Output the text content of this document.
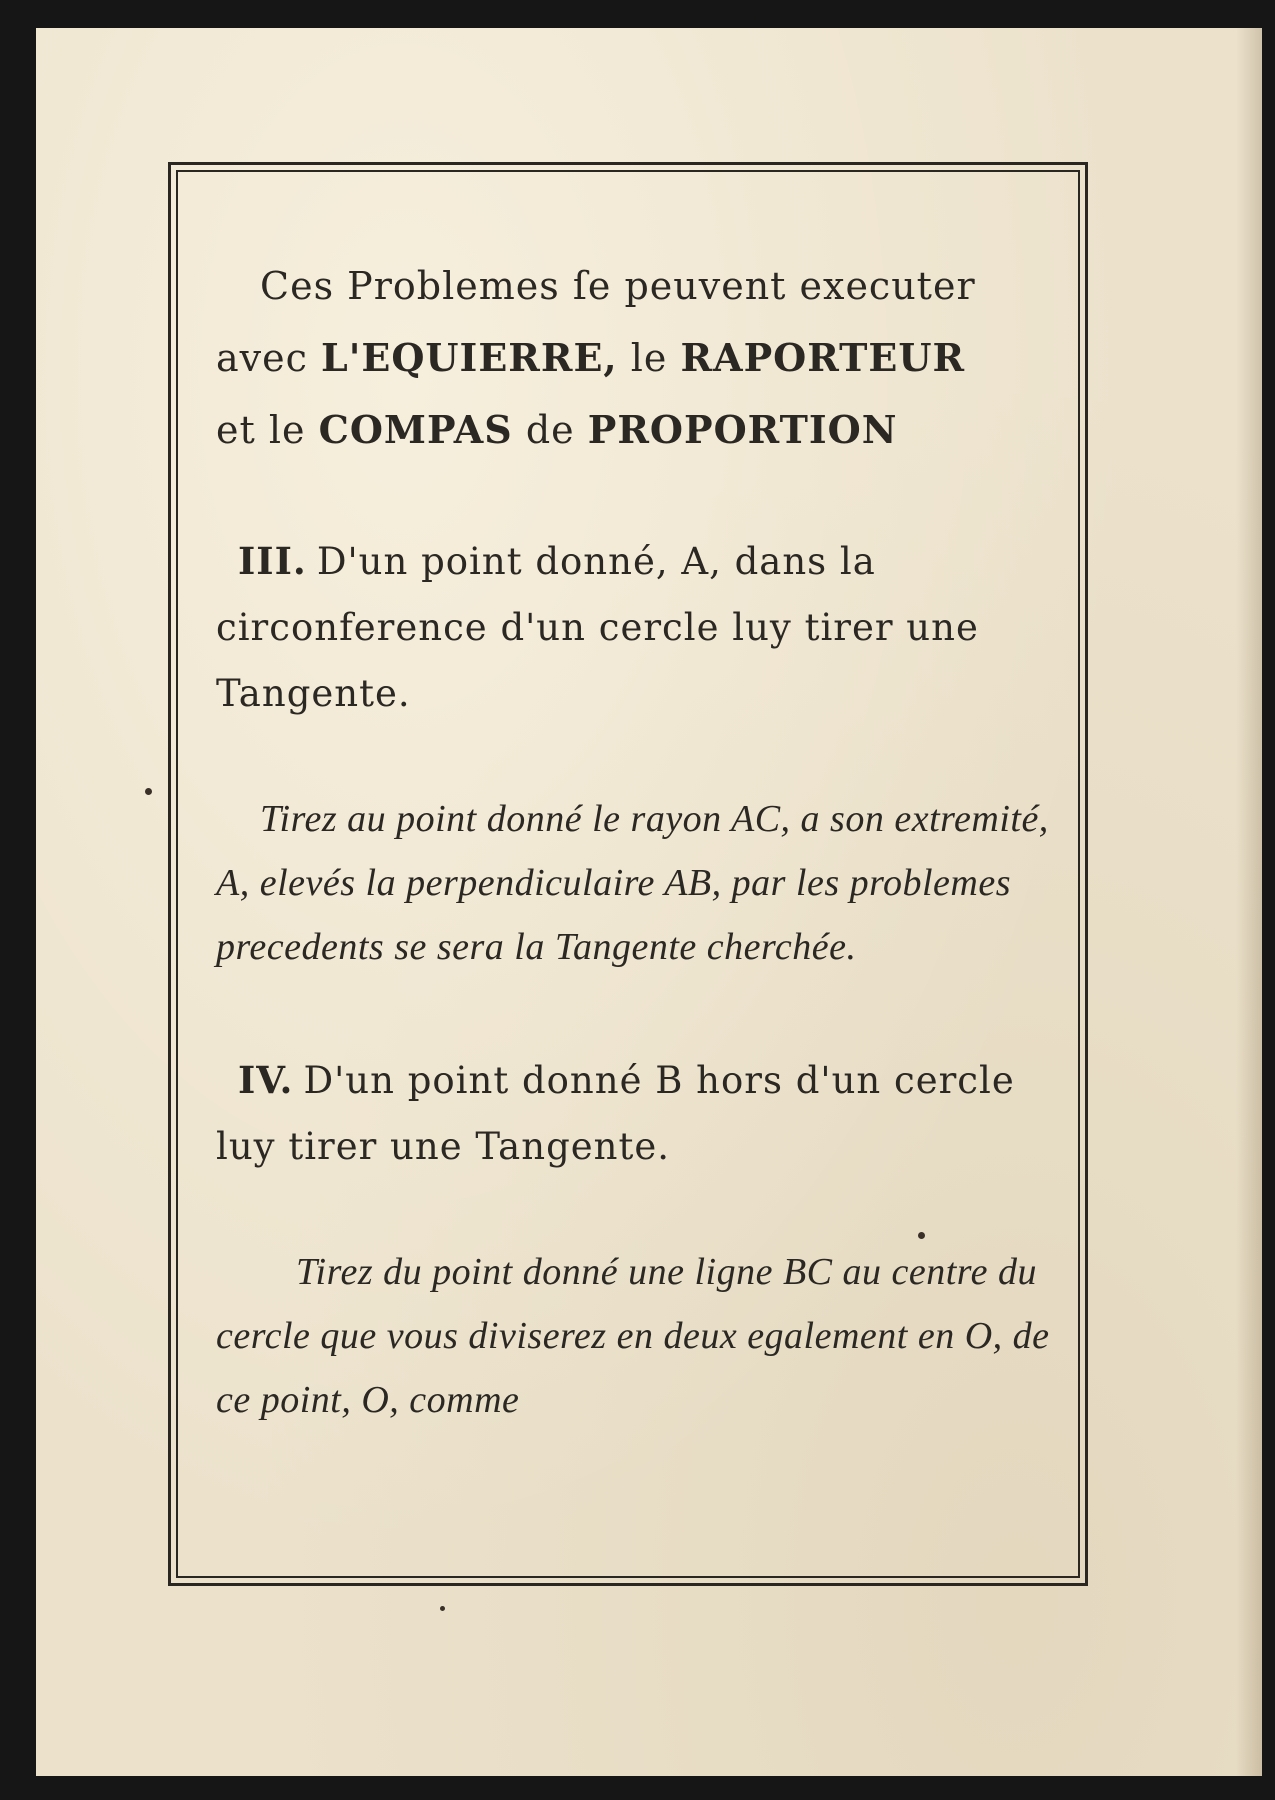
Ces Problemes ſe peuvent executer
avec L'EQUIERRE, le RAPORTEUR
et le COMPAS de PROPORTION
III. D'un point donné, A, dans la circonference d'un cercle luy tirer une Tangente.
Tirez au point donné le rayon AC, a son extremité, A, elevés la perpendiculaire AB, par les problemes precedents se sera la Tangente cherchée.
IV. D'un point donné B hors d'un cercle luy tirer une Tangente.
Tirez du point donné une ligne BC au centre du cercle que vous diviserez en deux egalement en O, de ce point, O, comme
